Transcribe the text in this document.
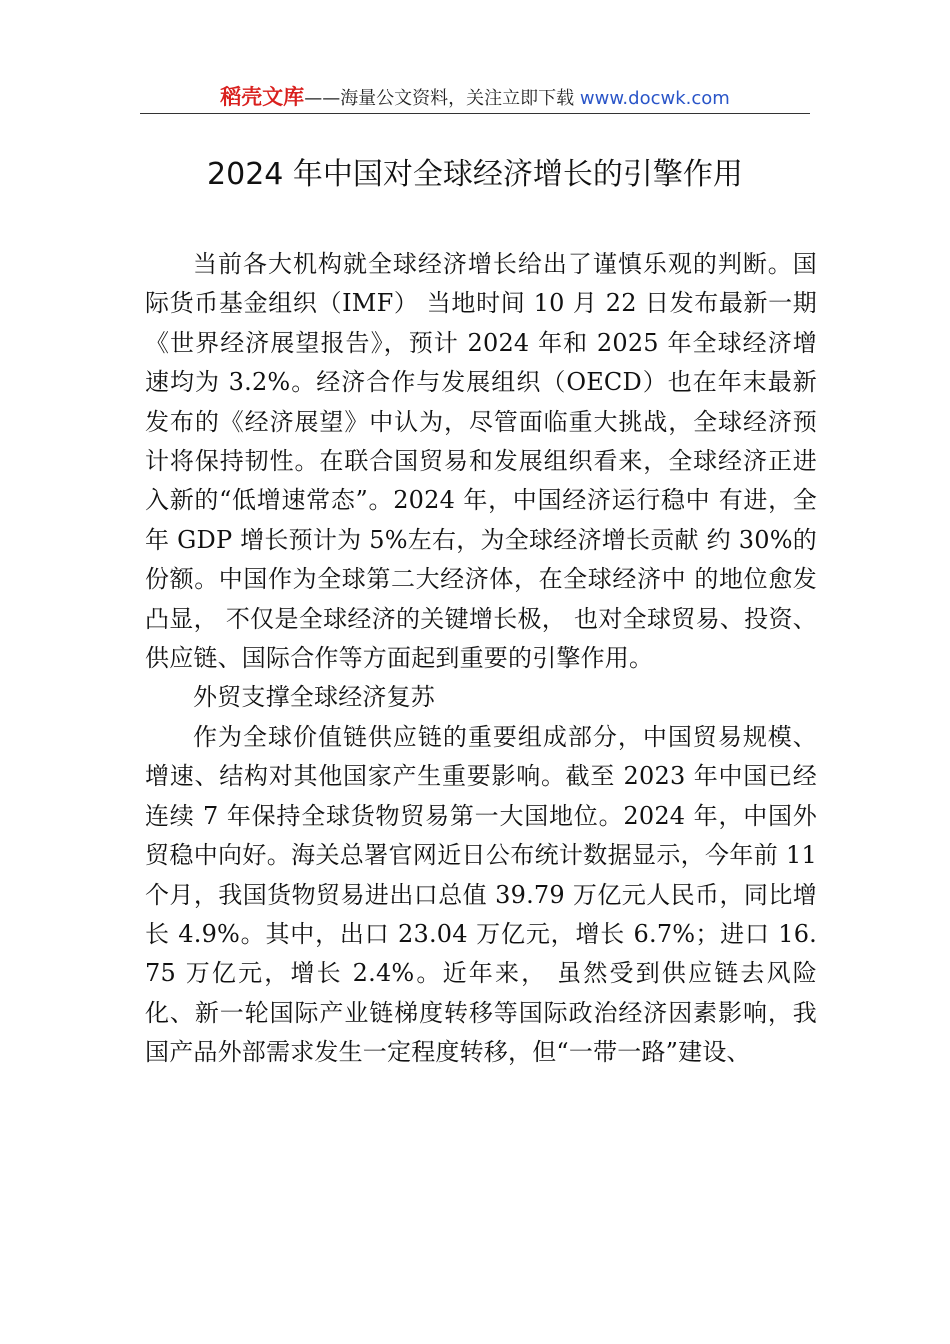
稻壳文库——海量公文资料，关注立即下载 www.docwk.com
2024 年中国对全球经济增长的引擎作用

当前各大机构就全球经济增长给出了谨慎乐观的判断。国际货币基金组织（IMF） 当地时间 10 月 22 日发布最新一期《世界经济展望报告》，预计 2024 年和 2025 年全球经济增速均为 3.2%。经济合作与发展组织（OECD）也在年末最新发布的《经济展望》中认为，尽管面临重大挑战，全球经济预计将保持韧性。在联合国贸易和发展组织看来，全球经济正进入新的“低增速常态”。2024 年，中国经济运行稳中 有进，全年 GDP 增长预计为 5%左右，为全球经济增长贡献 约 30%的份额。中国作为全球第二大经济体，在全球经济中 的地位愈发凸显， 不仅是全球经济的关键增长极， 也对全球贸易、投资、供应链、国际合作等方面起到重要的引擎作用。

外贸支撑全球经济复苏

作为全球价值链供应链的重要组成部分，中国贸易规模、增速、结构对其他国家产生重要影响。截至 2023 年中国已经连续 7 年保持全球货物贸易第一大国地位。2024 年，中国外贸稳中向好。海关总署官网近日公布统计数据显示，今年前 11 个月，我国货物贸易进出口总值 39.79 万亿元人民币，同比增长 4.9%。其中，出口 23.04 万亿元，增长 6.7%；进口 16.75 万亿元，增长 2.4%。近年来， 虽然受到供应链去风险化、新一轮国际产业链梯度转移等国际政治经济因素影响，我国产品外部需求发生一定程度转移，但“一带一路”建设、
